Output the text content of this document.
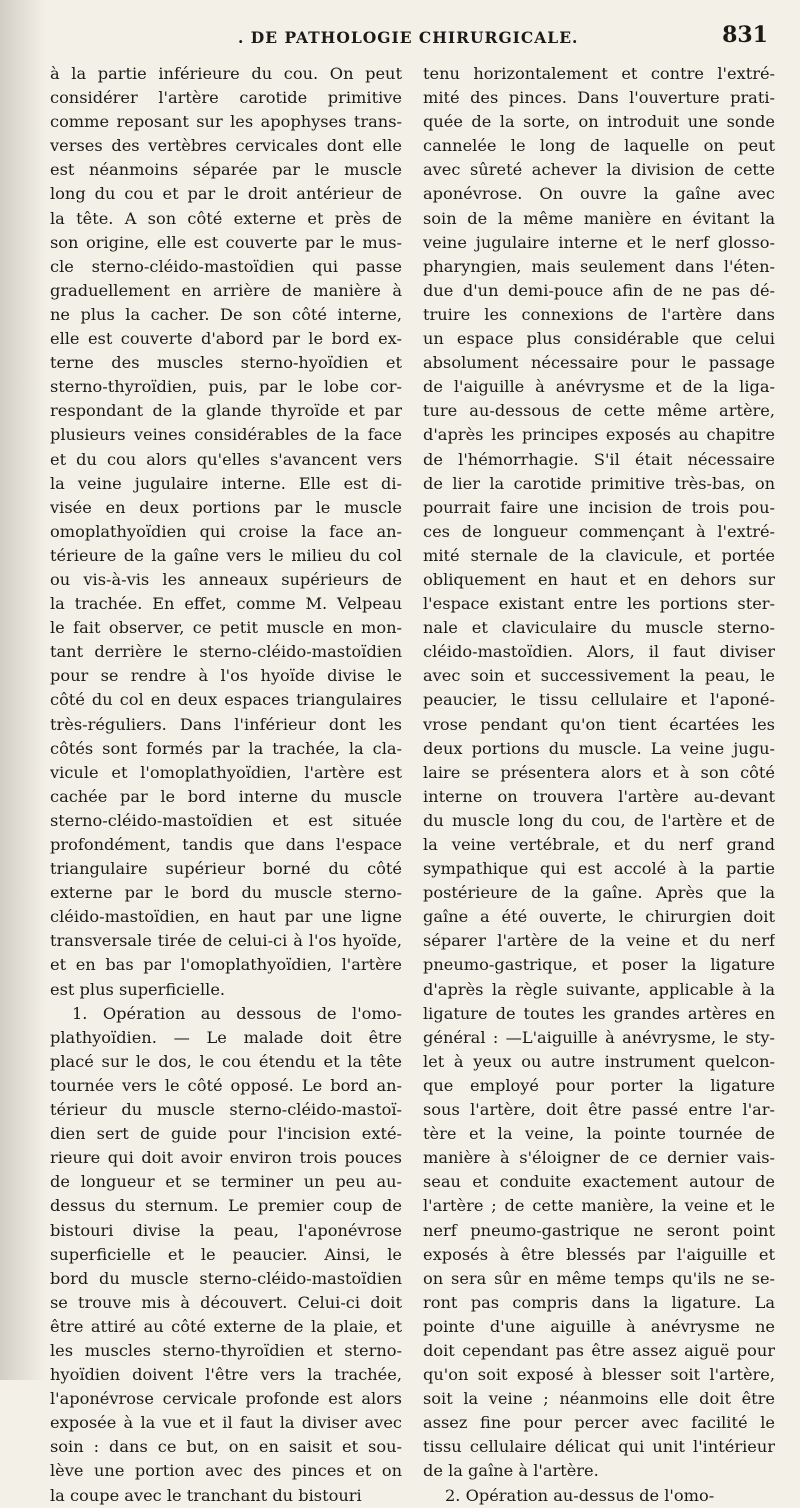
. DE PATHOLOGIE CHIRURGICALE.	831
à la partie inférieure du cou. On peut
considérer l'artère carotide primitive
comme reposant sur les apophyses trans-
verses des vertèbres cervicales dont elle
est néanmoins séparée par le muscle
long du cou et par le droit antérieur de
la tête. A son côté externe et près de
son origine, elle est couverte par le mus-
cle sterno-cléido-mastoïdien qui passe
graduellement en arrière de manière à
ne plus la cacher. De son côté interne,
elle est couverte d'abord par le bord ex-
terne des muscles sterno-hyoïdien et
sterno-thyroïdien, puis, par le lobe cor-
respondant de la glande thyroïde et par
plusieurs veines considérables de la face
et du cou alors qu'elles s'avancent vers
la veine jugulaire interne. Elle est di-
visée en deux portions par le muscle
omoplathyoïdien qui croise la face an-
térieure de la gaîne vers le milieu du col
ou vis-à-vis les anneaux supérieurs de
la trachée. En effet, comme M. Velpeau
le fait observer, ce petit muscle en mon-
tant derrière le sterno-cléido-mastoïdien
pour se rendre à l'os hyoïde divise le
côté du col en deux espaces triangulaires
très-réguliers. Dans l'inférieur dont les
côtés sont formés par la trachée, la cla-
vicule et l'omoplathyoïdien, l'artère est
cachée par le bord interne du muscle
sterno-cléido-mastoïdien et est située
profondément, tandis que dans l'espace
triangulaire supérieur borné du côté
externe par le bord du muscle sterno-
cléido-mastoïdien, en haut par une ligne
transversale tirée de celui-ci à l'os hyoïde,
et en bas par l'omoplathyoïdien, l'artère
est plus superficielle.
1. Opération au dessous de l'omo-
plathyoïdien. — Le malade doit être
placé sur le dos, le cou étendu et la tête
tournée vers le côté opposé. Le bord an-
térieur du muscle sterno-cléido-mastoï-
dien sert de guide pour l'incision exté-
rieure qui doit avoir environ trois pouces
de longueur et se terminer un peu au-
dessus du sternum. Le premier coup de
bistouri divise la peau, l'aponévrose
superficielle et le peaucier. Ainsi, le
bord du muscle sterno-cléido-mastoïdien
se trouve mis à découvert. Celui-ci doit
être attiré au côté externe de la plaie, et
les muscles sterno-thyroïdien et sterno-
hyoïdien doivent l'être vers la trachée,
l'aponévrose cervicale profonde est alors
exposée à la vue et il faut la diviser avec
soin : dans ce but, on en saisit et sou-
lève une portion avec des pinces et on
la coupe avec le tranchant du bistouri
tenu horizontalement et contre l'extré-
mité des pinces. Dans l'ouverture prati-
quée de la sorte, on introduit une sonde
cannelée le long de laquelle on peut
avec sûreté achever la division de cette
aponévrose. On ouvre la gaîne avec
soin de la même manière en évitant la
veine jugulaire interne et le nerf glosso-
pharyngien, mais seulement dans l'éten-
due d'un demi-pouce afin de ne pas dé-
truire les connexions de l'artère dans
un espace plus considérable que celui
absolument nécessaire pour le passage
de l'aiguille à anévrysme et de la liga-
ture au-dessous de cette même artère,
d'après les principes exposés au chapitre
de l'hémorrhagie. S'il était nécessaire
de lier la carotide primitive très-bas, on
pourrait faire une incision de trois pou-
ces de longueur commençant à l'extré-
mité sternale de la clavicule, et portée
obliquement en haut et en dehors sur
l'espace existant entre les portions ster-
nale et claviculaire du muscle sterno-
cléido-mastoïdien. Alors, il faut diviser
avec soin et successivement la peau, le
peaucier, le tissu cellulaire et l'aponé-
vrose pendant qu'on tient écartées les
deux portions du muscle. La veine jugu-
laire se présentera alors et à son côté
interne on trouvera l'artère au-devant
du muscle long du cou, de l'artère et de
la veine vertébrale, et du nerf grand
sympathique qui est accolé à la partie
postérieure de la gaîne. Après que la
gaîne a été ouverte, le chirurgien doit
séparer l'artère de la veine et du nerf
pneumo-gastrique, et poser la ligature
d'après la règle suivante, applicable à la
ligature de toutes les grandes artères en
général : —L'aiguille à anévrysme, le sty-
let à yeux ou autre instrument quelcon-
que employé pour porter la ligature
sous l'artère, doit être passé entre l'ar-
tère et la veine, la pointe tournée de
manière à s'éloigner de ce dernier vais-
seau et conduite exactement autour de
l'artère ; de cette manière, la veine et le
nerf pneumo-gastrique ne seront point
exposés à être blessés par l'aiguille et
on sera sûr en même temps qu'ils ne se-
ront pas compris dans la ligature. La
pointe d'une aiguille à anévrysme ne
doit cependant pas être assez aiguë pour
qu'on soit exposé à blesser soit l'artère,
soit la veine ; néanmoins elle doit être
assez fine pour percer avec facilité le
tissu cellulaire délicat qui unit l'intérieur
de la gaîne à l'artère.
2. Opération au-dessus de l'omo-
